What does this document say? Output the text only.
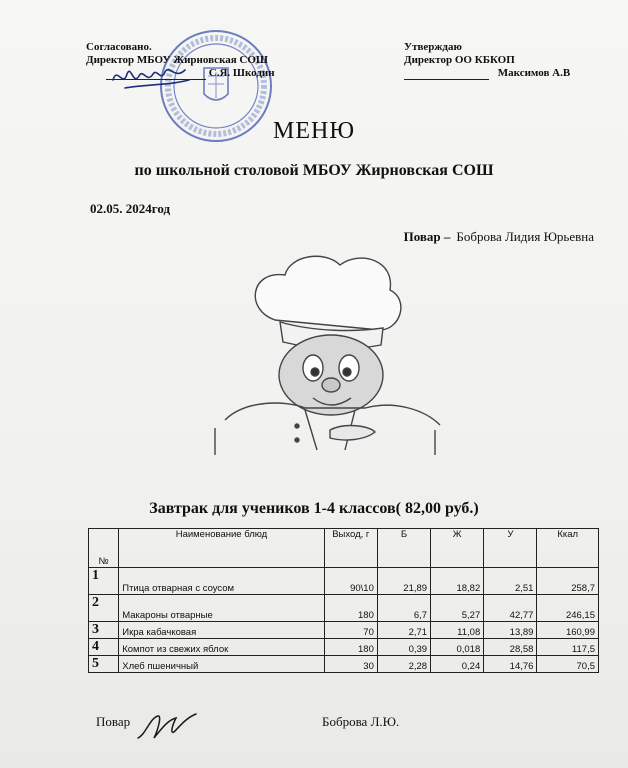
Согласовано.
Директор МБОУ Жирновская СОШ
С.Я. Шкодин
Утверждаю
Директор ОО КБКОП
Максимов А.В
МЕНЮ
по школьной столовой МБОУ Жирновская СОШ
02.05. 2024год
Повар – Боброва Лидия Юрьевна
Завтрак для учеников 1-4 классов( 82,00 руб.)
№	Наименование блюд	Выход, г	Б	Ж	У	Ккал
1	Птица отварная с соусом	90\10	21,89	18,82	2,51	258,7
2	Макароны отварные	180	6,7	5,27	42,77	246,15
3	Икра кабачковая	70	2,71	11,08	13,89	160,99
4	Компот из свежих яблок	180	0,39	0,018	28,58	117,5
5	Хлеб пшеничный	30	2,28	0,24	14,76	70,5
Повар	Боброва Л.Ю.
